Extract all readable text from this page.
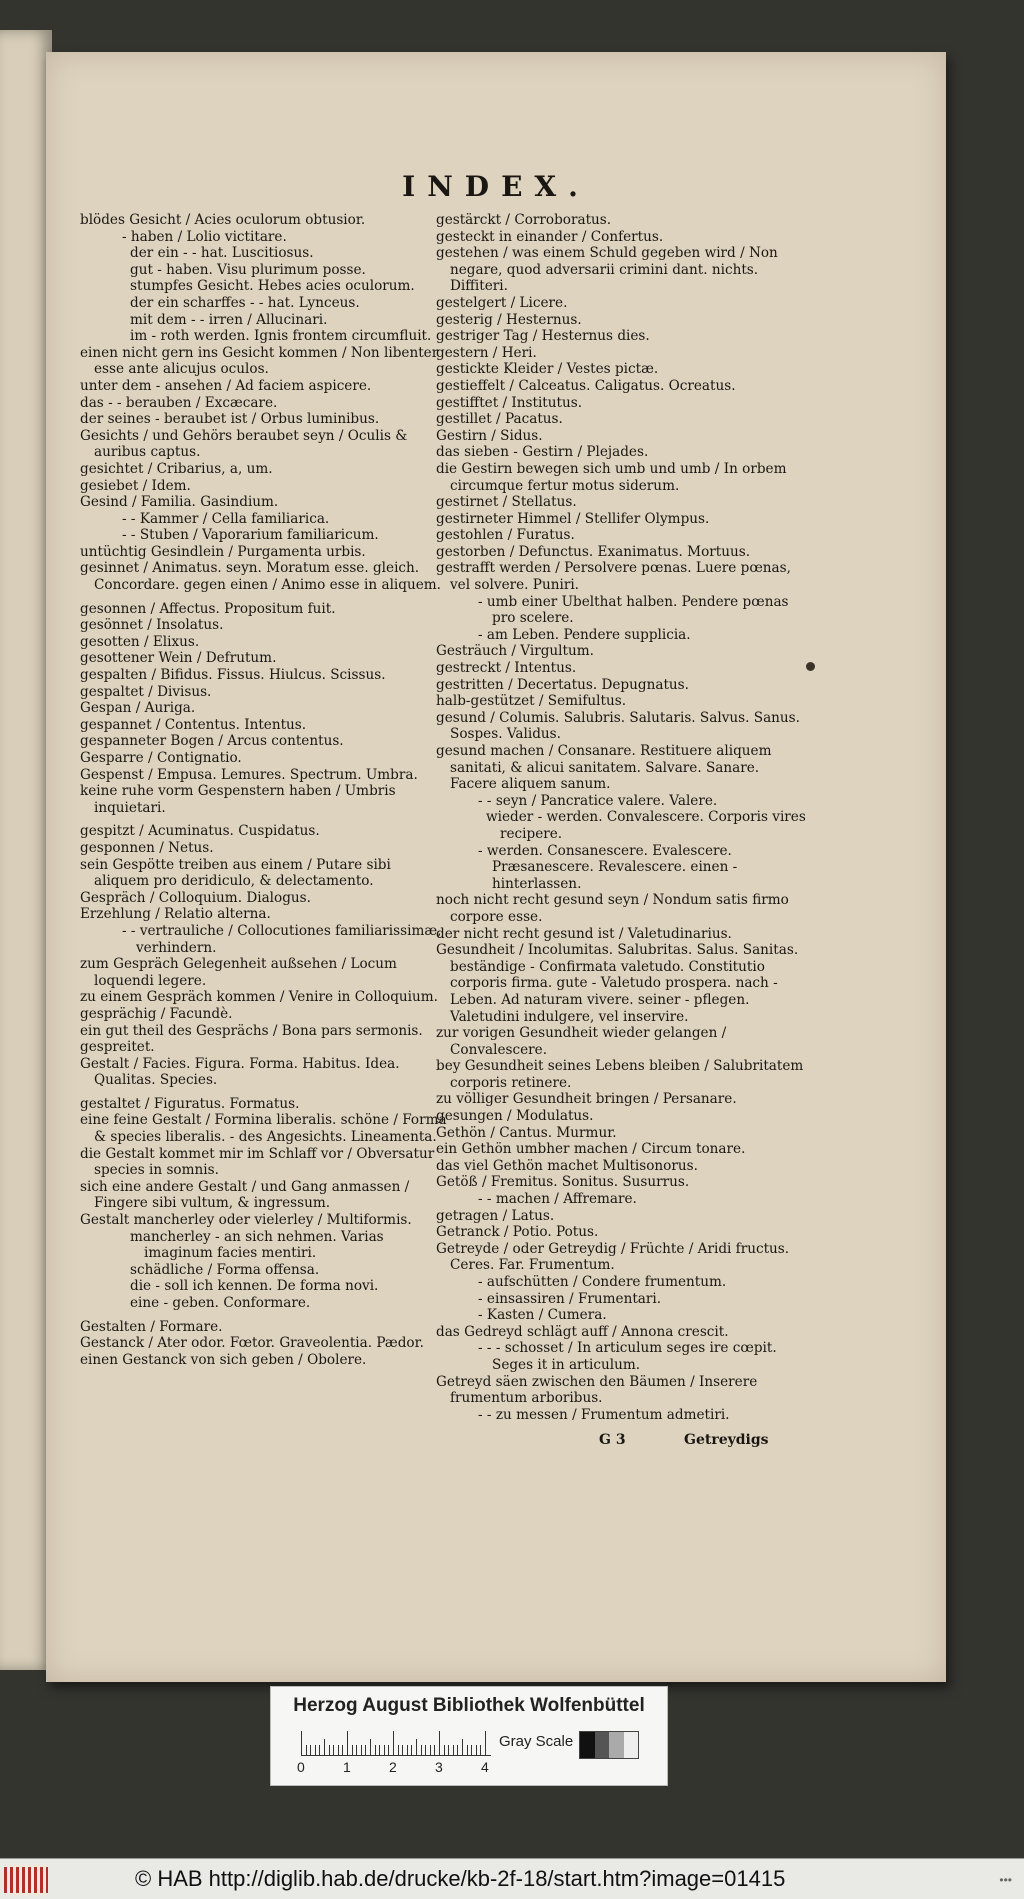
INDEX.

blödes Gesicht / Acies oculorum obtusior.

- haben / Lolio victitare.

der ein - - hat. Luscitiosus.

gut - haben. Visu plurimum posse.

stumpfes Gesicht. Hebes acies oculorum.

der ein scharffes - - hat. Lynceus.

mit dem - - irren / Allucinari.

im - roth werden. Ignis frontem circumfluit.

einen nicht gern ins Gesicht kommen / Non libenter esse ante alicujus oculos.

unter dem - ansehen / Ad faciem aspicere.

das - - berauben / Excæcare.

der seines - beraubet ist / Orbus luminibus.

Gesichts / und Gehörs beraubet seyn / Oculis & auribus captus.

gesichtet / Cribarius, a, um.

gesiebet / Idem.

Gesind / Familia. Gasindium.

- - Kammer / Cella familiarica.

- - Stuben / Vaporarium familiaricum.

untüchtig Gesindlein / Purgamenta urbis.

gesinnet / Animatus. seyn. Moratum esse. gleich. Concordare. gegen einen / Animo esse in aliquem.

gesonnen / Affectus. Propositum fuit.

gesönnet / Insolatus.

gesotten / Elixus.

gesottener Wein / Defrutum.

gespalten / Bifidus. Fissus. Hiulcus. Scissus.

gespaltet / Divisus.

Gespan / Auriga.

gespannet / Contentus. Intentus.

gespanneter Bogen / Arcus contentus.

Gesparre / Contignatio.

Gespenst / Empusa. Lemures. Spectrum. Umbra.

keine ruhe vorm Gespenstern haben / Umbris inquietari.

gespitzt / Acuminatus. Cuspidatus.

gesponnen / Netus.

sein Gespötte treiben aus einem / Putare sibi aliquem pro deridiculo, & delectamento.

Gespräch / Colloquium. Dialogus.

Erzehlung / Relatio alterna.

- - vertrauliche / Collocutiones familiarissimæ, verhindern.

zum Gespräch Gelegenheit außsehen / Locum loquendi legere.

zu einem Gespräch kommen / Venire in Colloquium.

gesprächig / Facundè.

ein gut theil des Gesprächs / Bona pars sermonis.

gespreitet.

Gestalt / Facies. Figura. Forma. Habitus. Idea. Qualitas. Species.

gestaltet / Figuratus. Formatus.

eine feine Gestalt / Formina liberalis. schöne / Forma & species liberalis. - des Angesichts. Lineamenta.

die Gestalt kommet mir im Schlaff vor / Obversatur species in somnis.

sich eine andere Gestalt / und Gang anmassen / Fingere sibi vultum, & ingressum.

Gestalt mancherley oder vielerley / Multiformis.

mancherley - an sich nehmen. Varias imaginum facies mentiri.

schädliche / Forma offensa.

die - soll ich kennen. De forma novi.

eine - geben. Conformare.

Gestalten / Formare.

Gestanck / Ater odor. Fœtor. Graveolentia. Pædor.

einen Gestanck von sich geben / Obolere.

gestärckt / Corroboratus.

gesteckt in einander / Confertus.

gestehen / was einem Schuld gegeben wird / Non negare, quod adversarii crimini dant. nichts. Diffiteri.

gestelgert / Licere.

gesterig / Hesternus.

gestriger Tag / Hesternus dies.

gestern / Heri.

gestickte Kleider / Vestes pictæ.

gestieffelt / Calceatus. Caligatus. Ocreatus.

gestifftet / Institutus.

gestillet / Pacatus.

Gestirn / Sidus.

das sieben - Gestirn / Plejades.

die Gestirn bewegen sich umb und umb / In orbem circumque fertur motus siderum.

gestirnet / Stellatus.

gestirneter Himmel / Stellifer Olympus.

gestohlen / Furatus.

gestorben / Defunctus. Exanimatus. Mortuus.

gestrafft werden / Persolvere pœnas. Luere pœnas, vel solvere. Puniri.

- umb einer Ubelthat halben. Pendere pœnas pro scelere.

- am Leben. Pendere supplicia.

Gesträuch / Virgultum.

gestreckt / Intentus.

gestritten / Decertatus. Depugnatus.

halb-gestützet / Semifultus.

gesund / Columis. Salubris. Salutaris. Salvus. Sanus. Sospes. Validus.

gesund machen / Consanare. Restituere aliquem sanitati, & alicui sanitatem. Salvare. Sanare. Facere aliquem sanum.

- - seyn / Pancratice valere. Valere.

wieder - werden. Convalescere. Corporis vires recipere.

- werden. Consanescere. Evalescere. Præsanescere. Revalescere. einen - hinterlassen.

noch nicht recht gesund seyn / Nondum satis firmo corpore esse.

der nicht recht gesund ist / Valetudinarius.

Gesundheit / Incolumitas. Salubritas. Salus. Sanitas. beständige - Confirmata valetudo. Constitutio corporis firma. gute - Valetudo prospera. nach - Leben. Ad naturam vivere. seiner - pflegen. Valetudini indulgere, vel inservire.

zur vorigen Gesundheit wieder gelangen / Convalescere.

bey Gesundheit seines Lebens bleiben / Salubritatem corporis retinere.

zu völliger Gesundheit bringen / Persanare.

gesungen / Modulatus.

Gethön / Cantus. Murmur.

ein Gethön umbher machen / Circum tonare.

das viel Gethön machet Multisonorus.

Getöß / Fremitus. Sonitus. Susurrus.

- - machen / Affremare.

getragen / Latus.

Getranck / Potio. Potus.

Getreyde / oder Getreydig / Früchte / Aridi fructus. Ceres. Far. Frumentum.

- aufschütten / Condere frumentum.

- einsassiren / Frumentari.

- Kasten / Cumera.

das Gedreyd schlägt auff / Annona crescit.

- - - schosset / In articulum seges ire cœpit. Seges it in articulum.

Getreyd säen zwischen den Bäumen / Inserere frumentum arboribus.

- - zu messen / Frumentum admetiri.

G 3	Getreydigs
Herzog August Bibliothek Wolfenbüttel
0	1	2	3	4
Gray Scale
© HAB http://diglib.hab.de/drucke/kb-2f-18/start.htm?image=01415	•••
